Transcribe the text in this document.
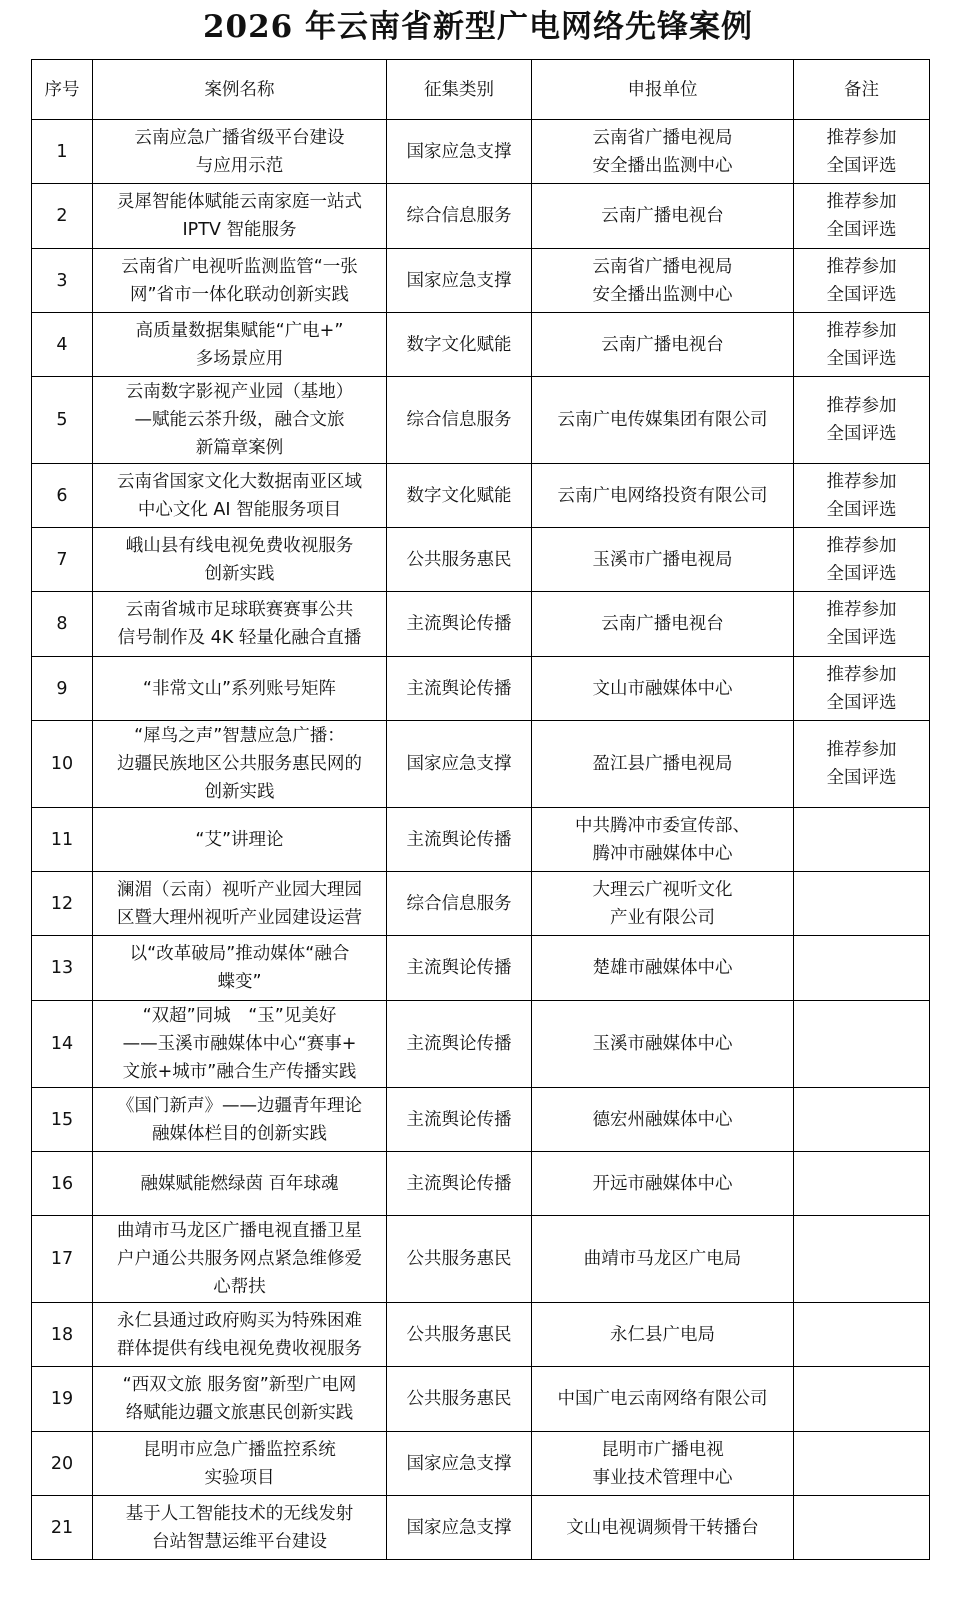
2026 年云南省新型广电网络先锋案例
序号	案例名称	征集类别	申报单位	备注
1	云南应急广播省级平台建设
与应用示范	国家应急支撑	云南省广播电视局
安全播出监测中心	推荐参加
全国评选

2	灵犀智能体赋能云南家庭一站式
IPTV 智能服务	综合信息服务	云南广播电视台	推荐参加
全国评选

3	云南省广电视听监测监管“一张
网”省市一体化联动创新实践	国家应急支撑	云南省广播电视局
安全播出监测中心	推荐参加
全国评选

4	高质量数据集赋能“广电+”
多场景应用	数字文化赋能	云南广播电视台	推荐参加
全国评选

5	云南数字影视产业园（基地）
—赋能云茶升级，融合文旅
新篇章案例	综合信息服务	云南广电传媒集团有限公司	推荐参加
全国评选

6	云南省国家文化大数据南亚区域
中心文化 AI 智能服务项目	数字文化赋能	云南广电网络投资有限公司	推荐参加
全国评选

7	峨山县有线电视免费收视服务
创新实践	公共服务惠民	玉溪市广播电视局	推荐参加
全国评选

8	云南省城市足球联赛赛事公共
信号制作及 4K 轻量化融合直播	主流舆论传播	云南广播电视台	推荐参加
全国评选

9	“非常文山”系列账号矩阵	主流舆论传播	文山市融媒体中心	推荐参加
全国评选

10	“犀鸟之声”智慧应急广播：
边疆民族地区公共服务惠民网的
创新实践	国家应急支撑	盈江县广播电视局	推荐参加
全国评选

11	“艾”讲理论	主流舆论传播	中共腾冲市委宣传部、
腾冲市融媒体中心	

12	澜湄（云南）视听产业园大理园
区暨大理州视听产业园建设运营	综合信息服务	大理云广视听文化
产业有限公司	

13	以“改革破局”推动媒体“融合
蝶变”	主流舆论传播	楚雄市融媒体中心	

14	“双超”同城　“玉”见美好
——玉溪市融媒体中心“赛事+
文旅+城市”融合生产传播实践	主流舆论传播	玉溪市融媒体中心	

15	《国门新声》——边疆青年理论
融媒体栏目的创新实践	主流舆论传播	德宏州融媒体中心	

16	融媒赋能燃绿茵 百年球魂	主流舆论传播	开远市融媒体中心	

17	曲靖市马龙区广播电视直播卫星
户户通公共服务网点紧急维修爱
心帮扶	公共服务惠民	曲靖市马龙区广电局	

18	永仁县通过政府购买为特殊困难
群体提供有线电视免费收视服务	公共服务惠民	永仁县广电局	

19	“西双文旅 服务窗”新型广电网
络赋能边疆文旅惠民创新实践	公共服务惠民	中国广电云南网络有限公司	

20	昆明市应急广播监控系统
实验项目	国家应急支撑	昆明市广播电视
事业技术管理中心	

21	基于人工智能技术的无线发射
台站智慧运维平台建设	国家应急支撑	文山电视调频骨干转播台	
